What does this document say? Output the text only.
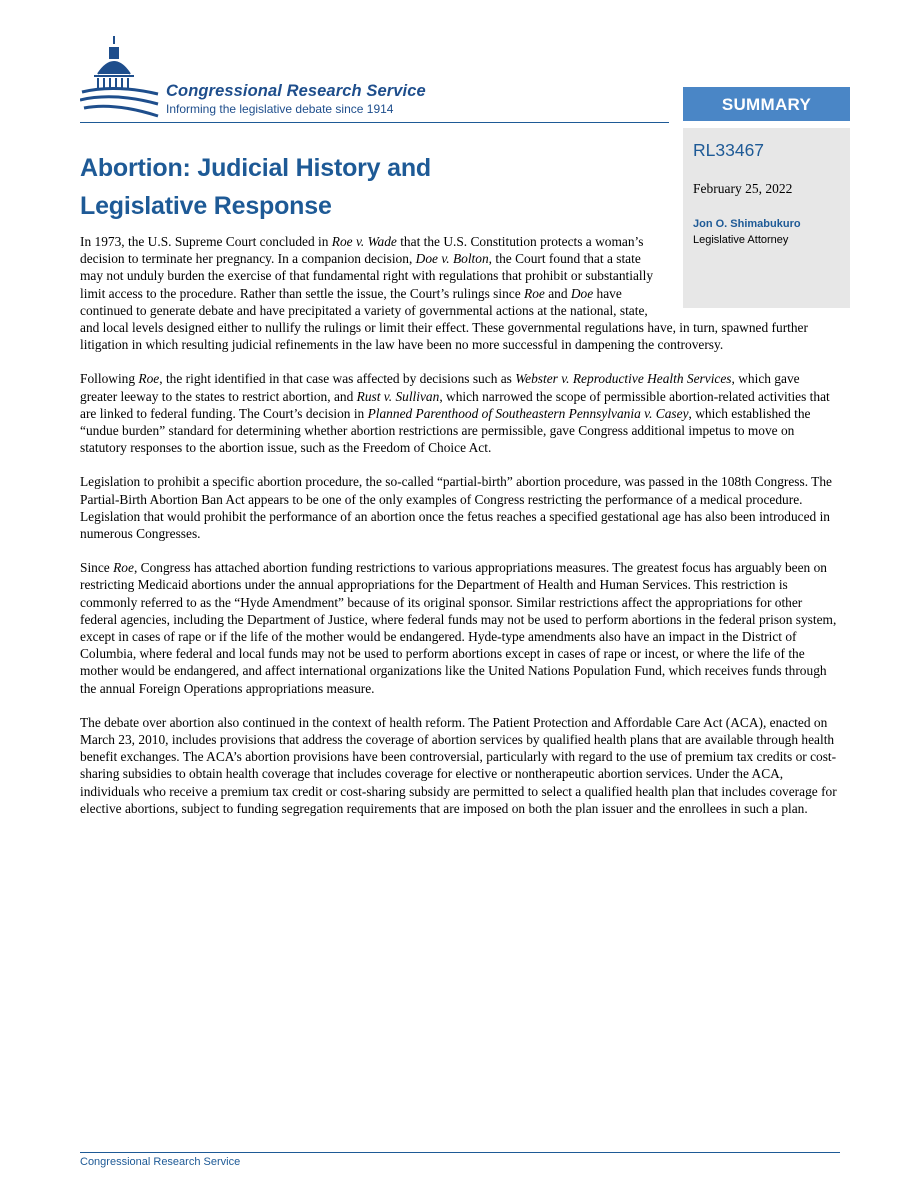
Congressional Research Service
Informing the legislative debate since 1914	SUMMARY
RL33467
February 25, 2022
Jon O. Shimabukuro
Legislative Attorney
Abortion: Judicial History and Legislative Response

In 1973, the U.S. Supreme Court concluded in Roe v. Wade that the U.S. Constitution protects a woman’s decision to terminate her pregnancy. In a companion decision, Doe v. Bolton, the Court found that a state may not unduly burden the exercise of that fundamental right with regulations that prohibit or substantially limit access to the procedure. Rather than settle the issue, the Court’s rulings since Roe and Doe have continued to generate debate and have precipitated a variety of governmental actions at the national, state, and local levels designed either to nullify the rulings or limit their effect. These governmental regulations have, in turn, spawned further litigation in which resulting judicial refinements in the law have been no more successful in dampening the controversy.

Following Roe, the right identified in that case was affected by decisions such as Webster v. Reproductive Health Services, which gave greater leeway to the states to restrict abortion, and Rust v. Sullivan, which narrowed the scope of permissible abortion-related activities that are linked to federal funding. The Court’s decision in Planned Parenthood of Southeastern Pennsylvania v. Casey, which established the “undue burden” standard for determining whether abortion restrictions are permissible, gave Congress additional impetus to move on statutory responses to the abortion issue, such as the Freedom of Choice Act.

Legislation to prohibit a specific abortion procedure, the so-called “partial-birth” abortion procedure, was passed in the 108th Congress. The Partial-Birth Abortion Ban Act appears to be one of the only examples of Congress restricting the performance of a medical procedure. Legislation that would prohibit the performance of an abortion once the fetus reaches a specified gestational age has also been introduced in numerous Congresses.

Since Roe, Congress has attached abortion funding restrictions to various appropriations measures. The greatest focus has arguably been on restricting Medicaid abortions under the annual appropriations for the Department of Health and Human Services. This restriction is commonly referred to as the “Hyde Amendment” because of its original sponsor. Similar restrictions affect the appropriations for other federal agencies, including the Department of Justice, where federal funds may not be used to perform abortions in the federal prison system, except in cases of rape or if the life of the mother would be endangered. Hyde-type amendments also have an impact in the District of Columbia, where federal and local funds may not be used to perform abortions except in cases of rape or incest, or where the life of the mother would be endangered, and affect international organizations like the United Nations Population Fund, which receives funds through the annual Foreign Operations appropriations measure.

The debate over abortion also continued in the context of health reform. The Patient Protection and Affordable Care Act (ACA), enacted on March 23, 2010, includes provisions that address the coverage of abortion services by qualified health plans that are available through health benefit exchanges. The ACA’s abortion provisions have been controversial, particularly with regard to the use of premium tax credits or cost-sharing subsidies to obtain health coverage that includes coverage for elective or nontherapeutic abortion services. Under the ACA, individuals who receive a premium tax credit or cost-sharing subsidy are permitted to select a qualified health plan that includes coverage for elective abortions, subject to funding segregation requirements that are imposed on both the plan issuer and the enrollees in such a plan.

Congressional Research Service
